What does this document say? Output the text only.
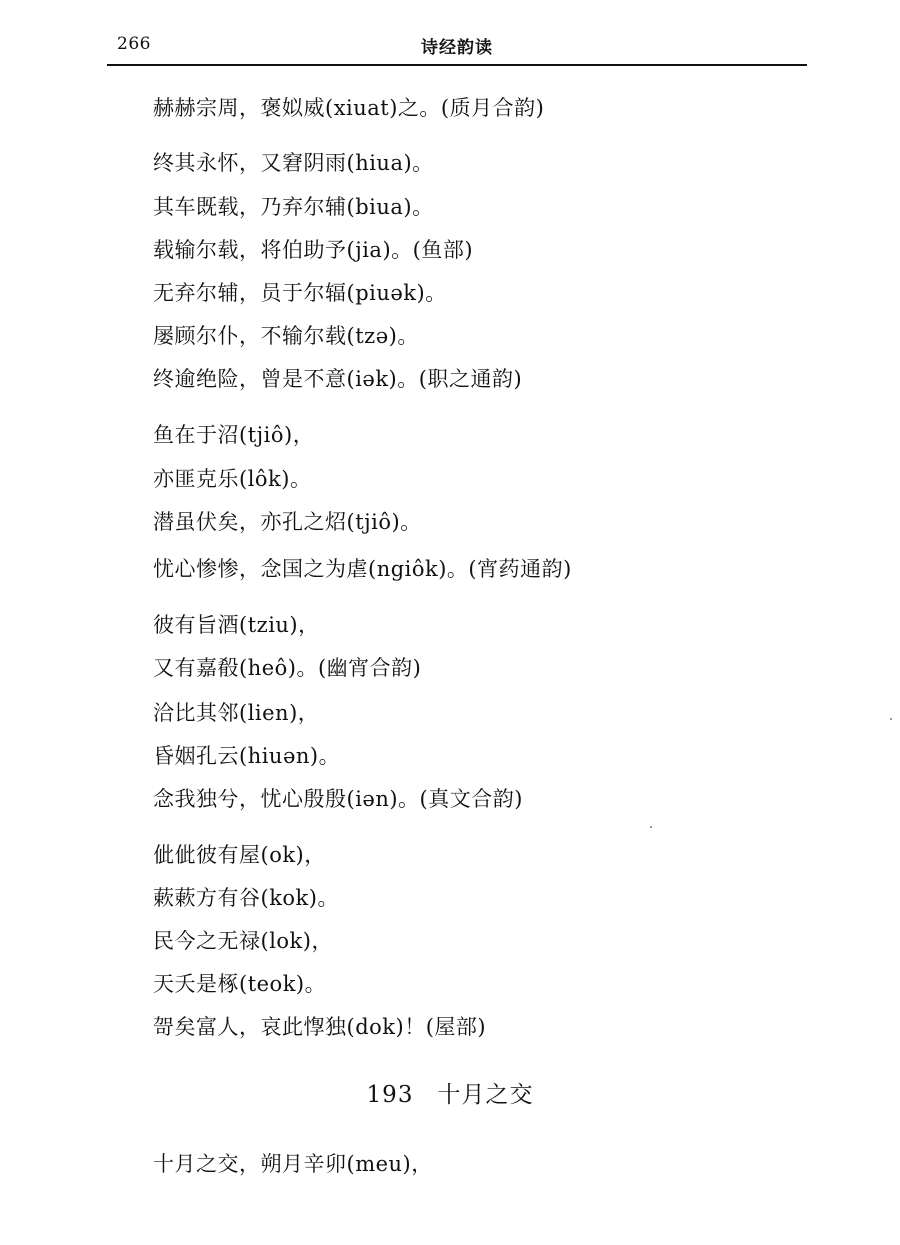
266	诗经韵读
赫赫宗周，褒姒威(xiuat)之。(质月合韵)
终其永怀，又窘阴雨(hiua)。
其车既载，乃弃尔辅(biua)。
载输尔载，将伯助予(jia)。(鱼部)
无弃尔辅，员于尔辐(piuək)。
屡顾尔仆，不输尔载(tzə)。
终逾绝险，曾是不意(iək)。(职之通韵)
鱼在于沼(tjiô)，
亦匪克乐(lôk)。
潜虽伏矣，亦孔之炤(tjiô)。
忧心惨惨，念国之为虐(ngiôk)。(宵药通韵)
彼有旨酒(tziu)，
又有嘉殽(heô)。(幽宵合韵)
洽比其邻(lien)，
昏姻孔云(hiuən)。
念我独兮，忧心殷殷(iən)。(真文合韵)
佌佌彼有屋(ok)，
蔌蔌方有谷(kok)。
民今之无禄(lok)，
天夭是椓(teok)。
哿矣富人，哀此惸独(dok)！(屋部)
193 十月之交
十月之交，朔月辛卯(meu)，
